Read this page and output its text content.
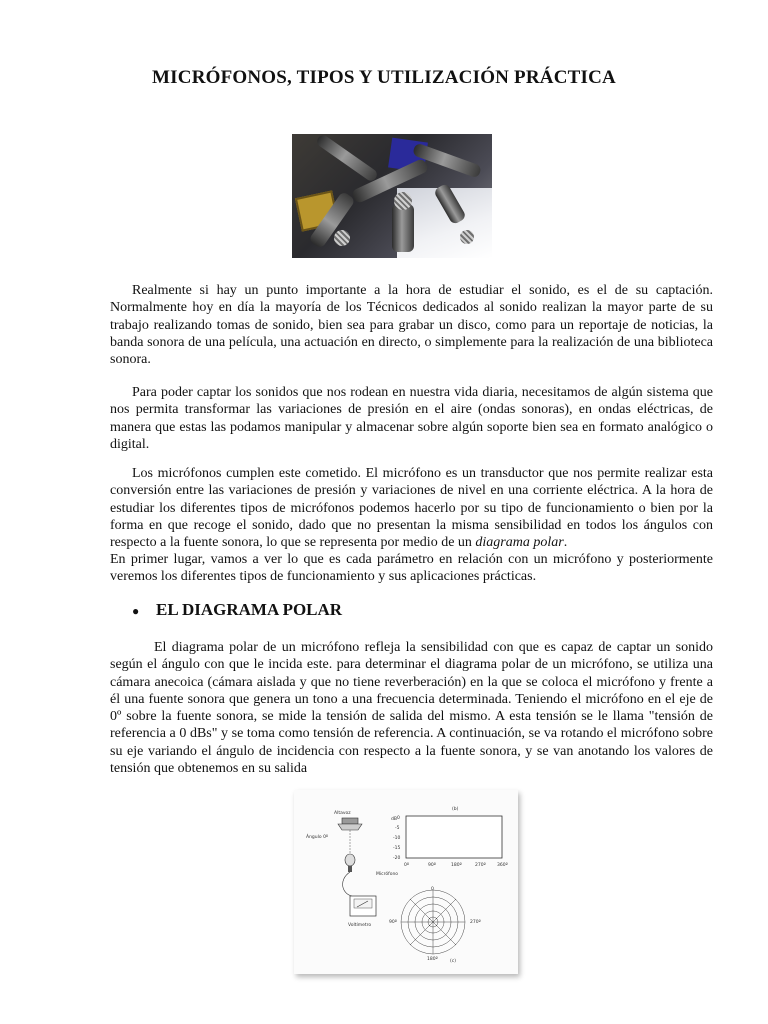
MICRÓFONOS, TIPOS Y UTILIZACIÓN PRÁCTICA

Realmente si hay un punto importante a la hora de estudiar el sonido, es el de su captación. Normalmente hoy en día la mayoría de los Técnicos dedicados al sonido realizan la mayor parte de su trabajo realizando tomas de sonido, bien sea para grabar un disco, como para un reportaje de noticias, la banda sonora de una película, una actuación en directo, o simplemente para la realización de una biblioteca sonora.

Para poder captar los sonidos que nos rodean en nuestra vida diaria, necesitamos de algún sistema que nos permita transformar las variaciones de presión en el aire (ondas sonoras), en ondas eléctricas, de manera que estas las podamos manipular y almacenar sobre algún soporte bien sea en formato analógico o digital.

Los micrófonos cumplen este cometido. El micrófono es un transductor que nos permite realizar esta conversión entre las variaciones de presión y variaciones de nivel en una corriente eléctrica. A la hora de estudiar los diferentes tipos de micrófonos podemos hacerlo por su tipo de funcionamiento o bien por la forma en que recoge el sonido, dado que no presentan la misma sensibilidad en todos los ángulos con respecto a la fuente sonora, lo que se representa por medio de un diagrama polar.

En primer lugar, vamos a ver lo que es cada parámetro en relación con un micrófono y posteriormente veremos los diferentes tipos de funcionamiento y sus aplicaciones prácticas.

● EL DIAGRAMA POLAR

El diagrama polar de un micrófono refleja la sensibilidad con que es capaz de captar un sonido según el ángulo con que le incida este. para determinar el diagrama polar de un micrófono, se utiliza una cámara anecoica (cámara aislada y que no tiene reverberación) en la que se coloca el micrófono y frente a él una fuente sonora que genera un tono a una frecuencia determinada. Teniendo el micrófono en el eje de 0º sobre la fuente sonora, se mide la tensión de salida del mismo. A esta tensión se le llama "tensión de referencia a 0 dBs" y se toma como tensión de referencia. A continuación, se va rotando el micrófono sobre su eje variando el ángulo de incidencia con respecto a la fuente sonora, y se van anotando los valores de tensión que obtenemos en su salida

Altavoz
Ángulo 0º
Micrófono
Voltímetro
(b)
dB 0
-5
-10
-15
-20
0º	90º	180º	270º	360º
0
90º	270º
180º	(c)
